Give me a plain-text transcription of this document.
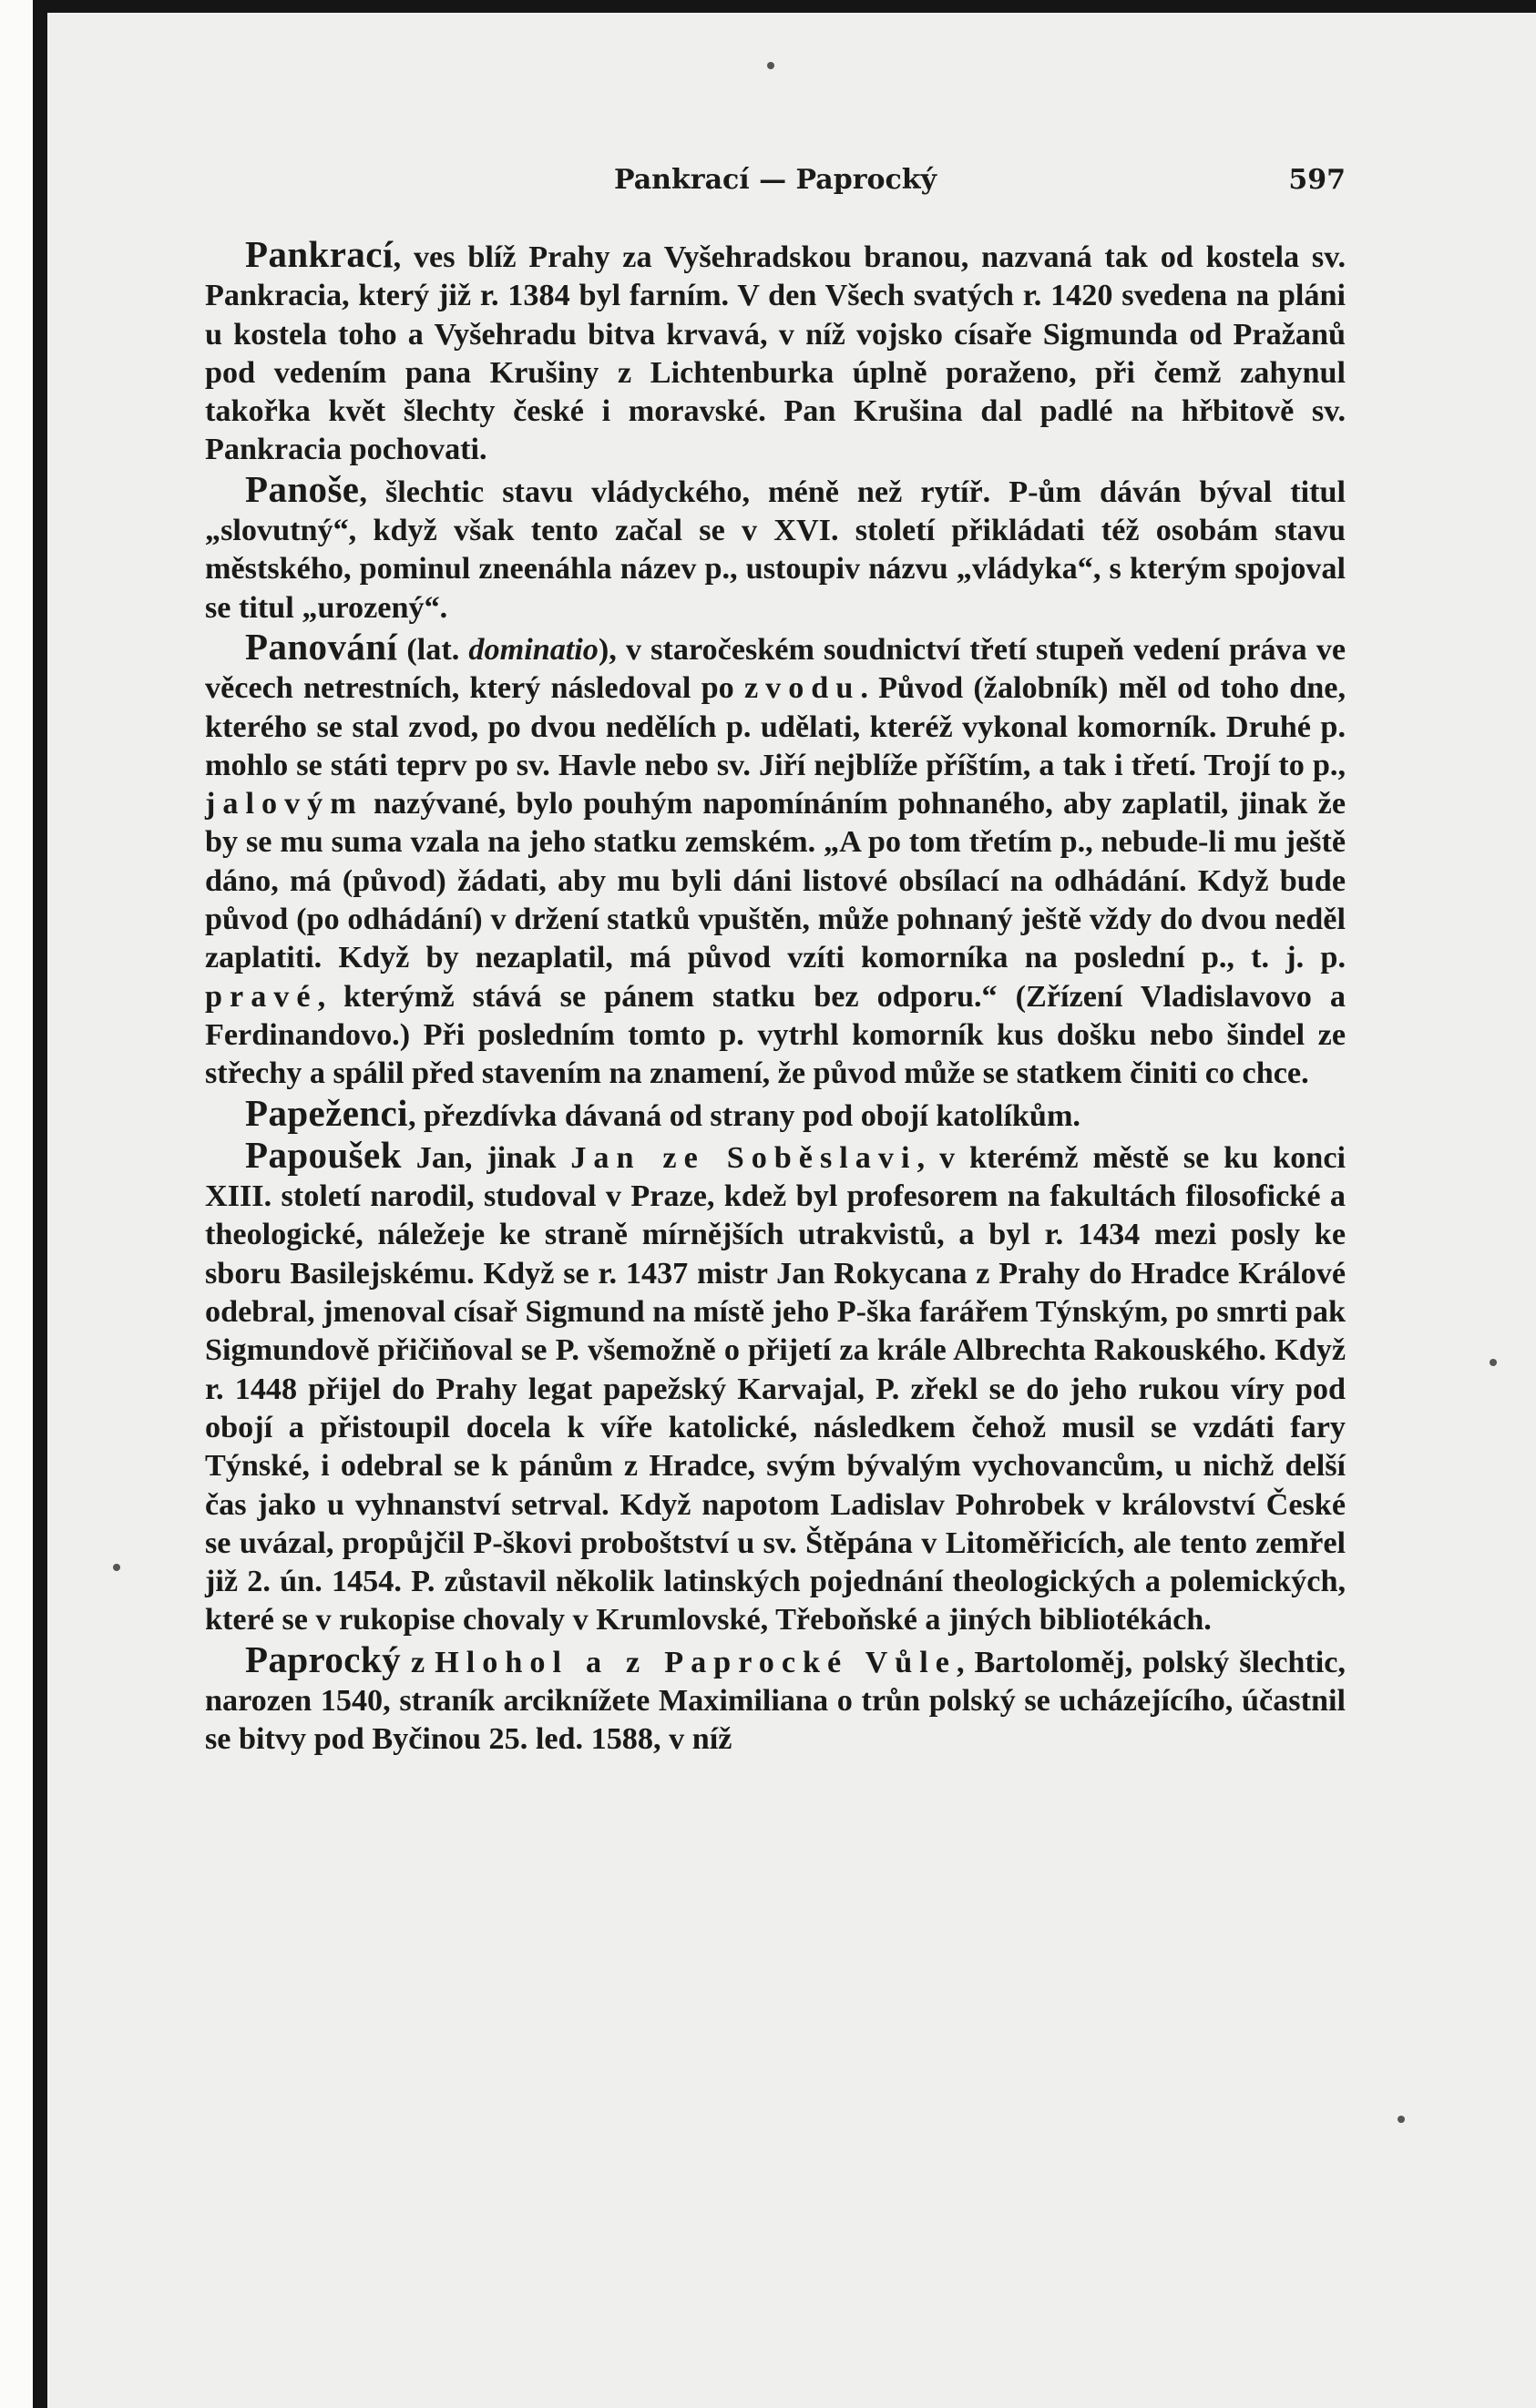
Pankrací — Paprocký	597

Pankrací, ves blíž Prahy za Vyšehradskou branou, nazvaná tak od kostela sv. Pankracia, který již r. 1384 byl farním. V den Všech svatých r. 1420 svedena na pláni u kostela toho a Vyšehradu bitva krvavá, v níž vojsko císaře Sigmunda od Pražanů pod vedením pana Krušiny z Lichtenburka úplně poraženo, při čemž zahynul takořka květ šlechty české i moravské. Pan Krušina dal padlé na hřbitově sv. Pankracia pochovati.

Panoše, šlechtic stavu vládyckého, méně než rytíř. P-ům dáván býval titul „slovutný“, když však tento začal se v XVI. století přikládati též osobám stavu městského, pominul zneenáhla název p., ustoupiv názvu „vládyka“, s kterým spojoval se titul „urozený“.

Panování (lat. dominatio), v staročeském soudnictví třetí stupeň vedení práva ve věcech netrestních, který následoval po zvodu. Původ (žalobník) měl od toho dne, kterého se stal zvod, po dvou nedělích p. udělati, kteréž vykonal komorník. Druhé p. mohlo se státi teprv po sv. Havle nebo sv. Jiří nejblíže příštím, a tak i třetí. Trojí to p., jalovým nazývané, bylo pouhým napomínáním pohnaného, aby zaplatil, jinak že by se mu suma vzala na jeho statku zemském. „A po tom třetím p., nebude-li mu ještě dáno, má (původ) žádati, aby mu byli dáni listové obsílací na odhádání. Když bude původ (po odhádání) v držení statků vpuštěn, může pohnaný ještě vždy do dvou neděl zaplatiti. Když by nezaplatil, má původ vzíti komorníka na poslední p., t. j. p. pravé, kterýmž stává se pánem statku bez odporu.“ (Zřízení Vladislavovo a Ferdinandovo.) Při posledním tomto p. vytrhl komorník kus došku nebo šindel ze střechy a spálil před stavením na znamení, že původ může se statkem činiti co chce.

Papeženci, přezdívka dávaná od strany pod obojí katolíkům.

Papoušek Jan, jinak Jan ze Soběslavi, v kterémž městě se ku konci XIII. století narodil, studoval v Praze, kdež byl profesorem na fakultách filosofické a theologické, náležeje ke straně mírnějších utrakvistů, a byl r. 1434 mezi posly ke sboru Basilejskému. Když se r. 1437 mistr Jan Rokycana z Prahy do Hradce Králové odebral, jmenoval císař Sigmund na místě jeho P-ška farářem Týnským, po smrti pak Sigmundově přičiňoval se P. všemožně o přijetí za krále Albrechta Rakouského. Když r. 1448 přijel do Prahy legat papežský Karvajal, P. zřekl se do jeho rukou víry pod obojí a přistoupil docela k víře katolické, následkem čehož musil se vzdáti fary Týnské, i odebral se k pánům z Hradce, svým bývalým vychovancům, u nichž delší čas jako u vyhnanství setrval. Když napotom Ladislav Pohrobek v království České se uvázal, propůjčil P-škovi proboštství u sv. Štěpána v Litoměřicích, ale tento zemřel již 2. ún. 1454. P. zůstavil několik latinských pojednání theologických a polemických, které se v rukopise chovaly v Krumlovské, Třeboňské a jiných bibliotékách.

Paprocký z Hlohol a z Paprocké Vůle, Bartoloměj, polský šlechtic, narozen 1540, straník arciknížete Maximiliana o trůn polský se ucházejícího, účastnil se bitvy pod Byčinou 25. led. 1588, v níž
